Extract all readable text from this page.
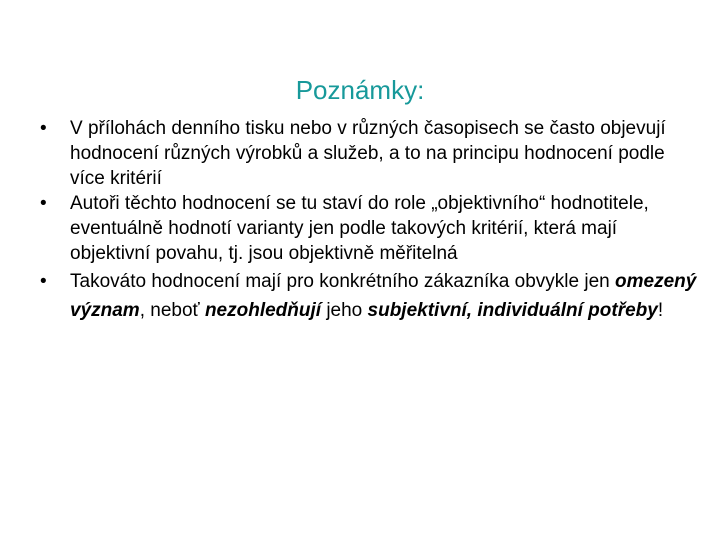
Poznámky:
•	V přílohách denního tisku nebo v různých časopisech se často objevují hodnocení různých výrobků a služeb, a to na principu hodnocení podle více kritérií
•	Autoři těchto hodnocení se tu staví do role „objektivního“ hodnotitele, eventuálně hodnotí varianty jen podle takových kritérií, která mají objektivní povahu, tj. jsou objektivně měřitelná
•	Takováto hodnocení mají pro konkrétního zákazníka obvykle jen omezený význam, neboť nezohledňují jeho subjektivní, individuální potřeby!
